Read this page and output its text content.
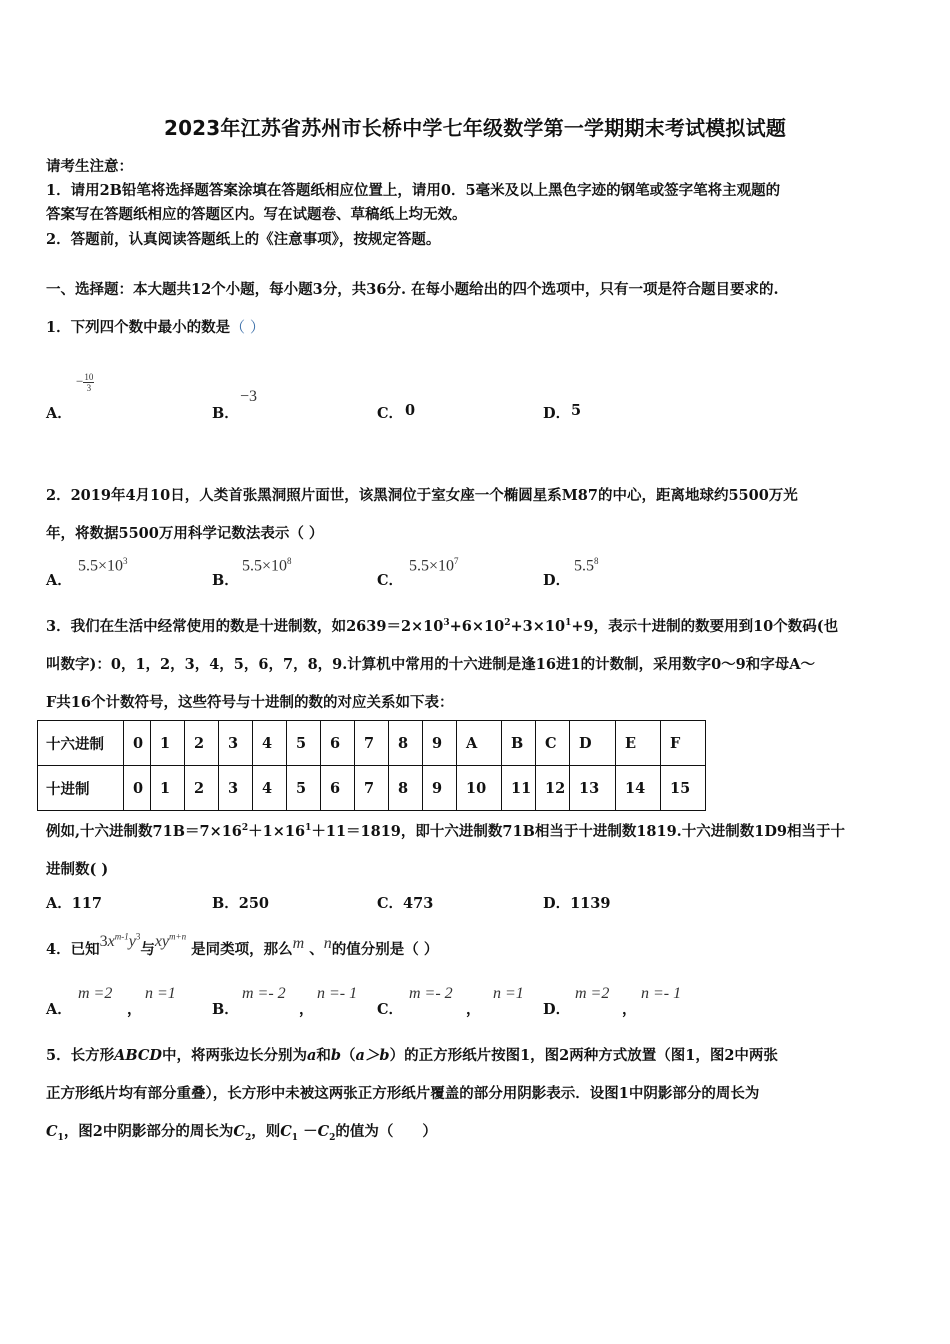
2023年江苏省苏州市长桥中学七年级数学第一学期期末考试模拟试题
请考生注意：
1．请用2B铅笔将选择题答案涂填在答题纸相应位置上，请用0．5毫米及以上黑色字迹的钢笔或签字笔将主观题的
答案写在答题纸相应的答题区内。写在试题卷、草稿纸上均无效。
2．答题前，认真阅读答题纸上的《注意事项》，按规定答题。
一、选择题：本大题共12个小题，每小题3分，共36分. 在每小题给出的四个选项中，只有一项是符合题目要求的.
1．下列四个数中最小的数是（ ）
A．
− $\frac{10}{3}$
B．
−3
C． 0	D． 5
2．2019年4月10日，人类首张黑洞照片面世，该黑洞位于室女座一个椭圆星系M87的中心，距离地球约5500万光
年，将数据5500万用科学记数法表示（ ）
A．
$5.5\times 10^3$
B．
$5.5\times 10^8$
C．
$5.5\times 10^7$
D．
$5.5^8$
3．我们在生活中经常使用的数是十进制数，如$2639=2\times 10^3+6\times 10^2+3\times 10^1+9$，表示十进制的数要用到10个数码(也
叫数字)：0，1，2，3，4，5，6，7，8，9.计算机中常用的十六进制是逢16进1的计数制，采用数字0～9和字母A～
F共16个计数符号，这些符号与十进制的数的对应关系如下表：
十六进制	0	1	2	3	4	5	6	7	8	9	A	B	C	D	E	F
十进制	0	1	2	3	4	5	6	7	8	9	10	11	12	13	14	15
例如,十六进制数$71B=7\times 16^2+1\times 16^1+11=1819$，即十六进制数71B相当于十进制数1819.十六进制数1D9相当于十
进制数( )
A．117	B．250	C．473	D．1139
4．已知$3x^{m-1}y^3$与$xy^{m+n}$ 是同类项，那么m 、n的值分别是（ ）
A．
m =2
，
n =1
B．
m =- 2
，
n =- 1
C．
m =- 2
，
n =1
D．
m =2
，
n =- 1
5．长方形ABCD中，将两张边长分别为a和b（a＞b）的正方形纸片按图1，图2两种方式放置（图1，图2中两张
正方形纸片均有部分重叠），长方形中未被这两张正方形纸片覆盖的部分用阴影表示．设图1中阴影部分的周长为
$C_1$，图2中阴影部分的周长为$C_2$，则$C_1 -C_2$的值为（　　）
